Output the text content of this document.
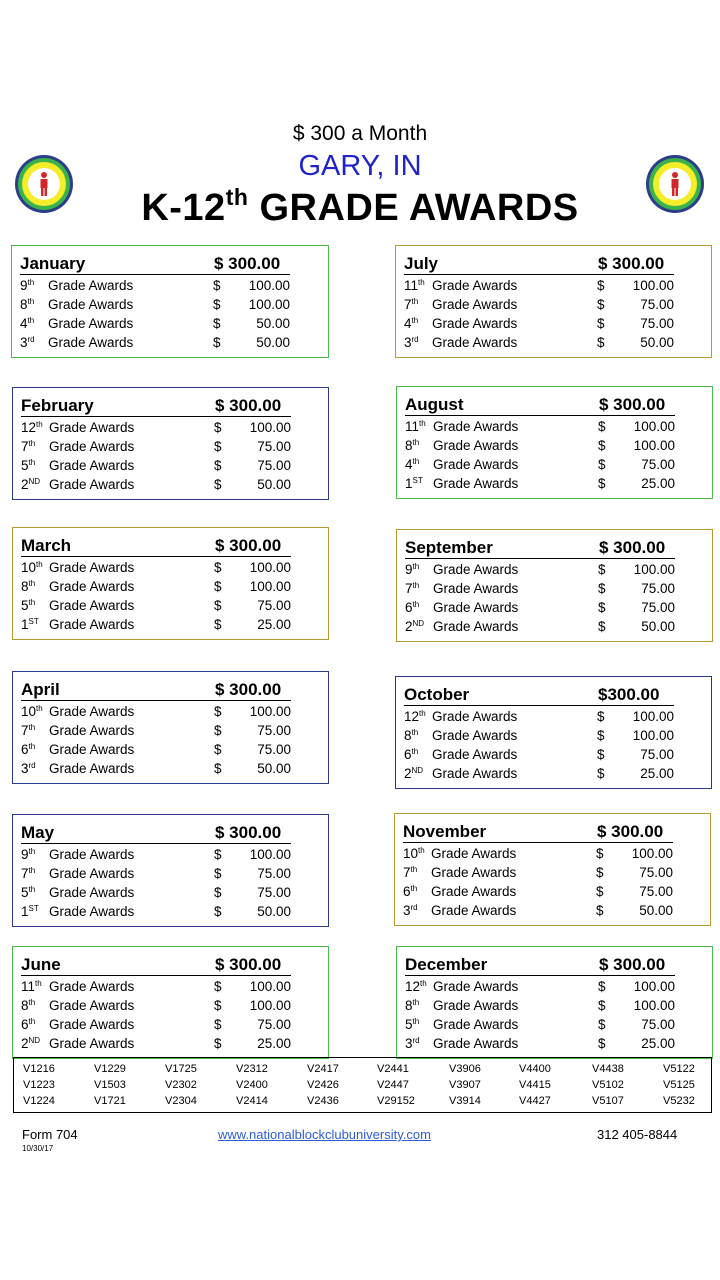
$ 300 a Month
GARY, IN
K-12th GRADE AWARDS
January	$ 300.00
9th Grade Awards	$ 100.00
8th Grade Awards	$ 100.00
4th Grade Awards	$	50.00
3rd Grade Awards	$	50.00
February	$ 300.00
12th Grade Awards	$ 100.00
7th Grade Awards	$	75.00
5th Grade Awards	$	75.00
2ND Grade Awards	$	50.00
March	$ 300.00
10th Grade Awards	$ 100.00
8th Grade Awards	$ 100.00
5th Grade Awards	$	75.00
1ST Grade Awards	$	25.00
April	$ 300.00
10th Grade Awards	$ 100.00
7th Grade Awards	$	75.00
6th Grade Awards	$	75.00
3rd Grade Awards	$	50.00
May	$ 300.00
9th Grade Awards	$ 100.00
7th Grade Awards	$	75.00
5th Grade Awards	$	75.00
1ST Grade Awards	$	50.00
June	$ 300.00
11th Grade Awards	$ 100.00
8th Grade Awards	$ 100.00
6th Grade Awards	$	75.00
2ND Grade Awards	$	25.00
July	$ 300.00
11th Grade Awards	$ 100.00
7th Grade Awards	$	75.00
4th Grade Awards	$	75.00
3rd Grade Awards	$	50.00
August	$ 300.00
11th Grade Awards	$ 100.00
8th Grade Awards	$ 100.00
4th Grade Awards	$	75.00
1ST Grade Awards	$	25.00
September	$ 300.00
9th Grade Awards	$ 100.00
7th Grade Awards	$	75.00
6th Grade Awards	$	75.00
2ND Grade Awards	$	50.00
October	$300.00
12th Grade Awards	$ 100.00
8th Grade Awards	$ 100.00
6th Grade Awards	$	75.00
2ND Grade Awards	$	25.00
November	$ 300.00
10th Grade Awards	$ 100.00
7th Grade Awards	$	75.00
6th Grade Awards	$	75.00
3rd Grade Awards	$	50.00
December	$ 300.00
12th Grade Awards	$ 100.00
8th Grade Awards	$ 100.00
5th Grade Awards	$	75.00
3rd Grade Awards	$	25.00
V1216	V1229	V1725	V2312	V2417	V2441	V3906	V4400	V4438	V5122
V1223	V1503	V2302	V2400	V2426	V2447	V3907	V4415	V5102	V5125
V1224	V1721	V2304	V2414	V2436	V29152	V3914	V4427	V5107	V5232
Form 704
10/30/17
www.nationalblockclubuniversity.com	312 405-8844
